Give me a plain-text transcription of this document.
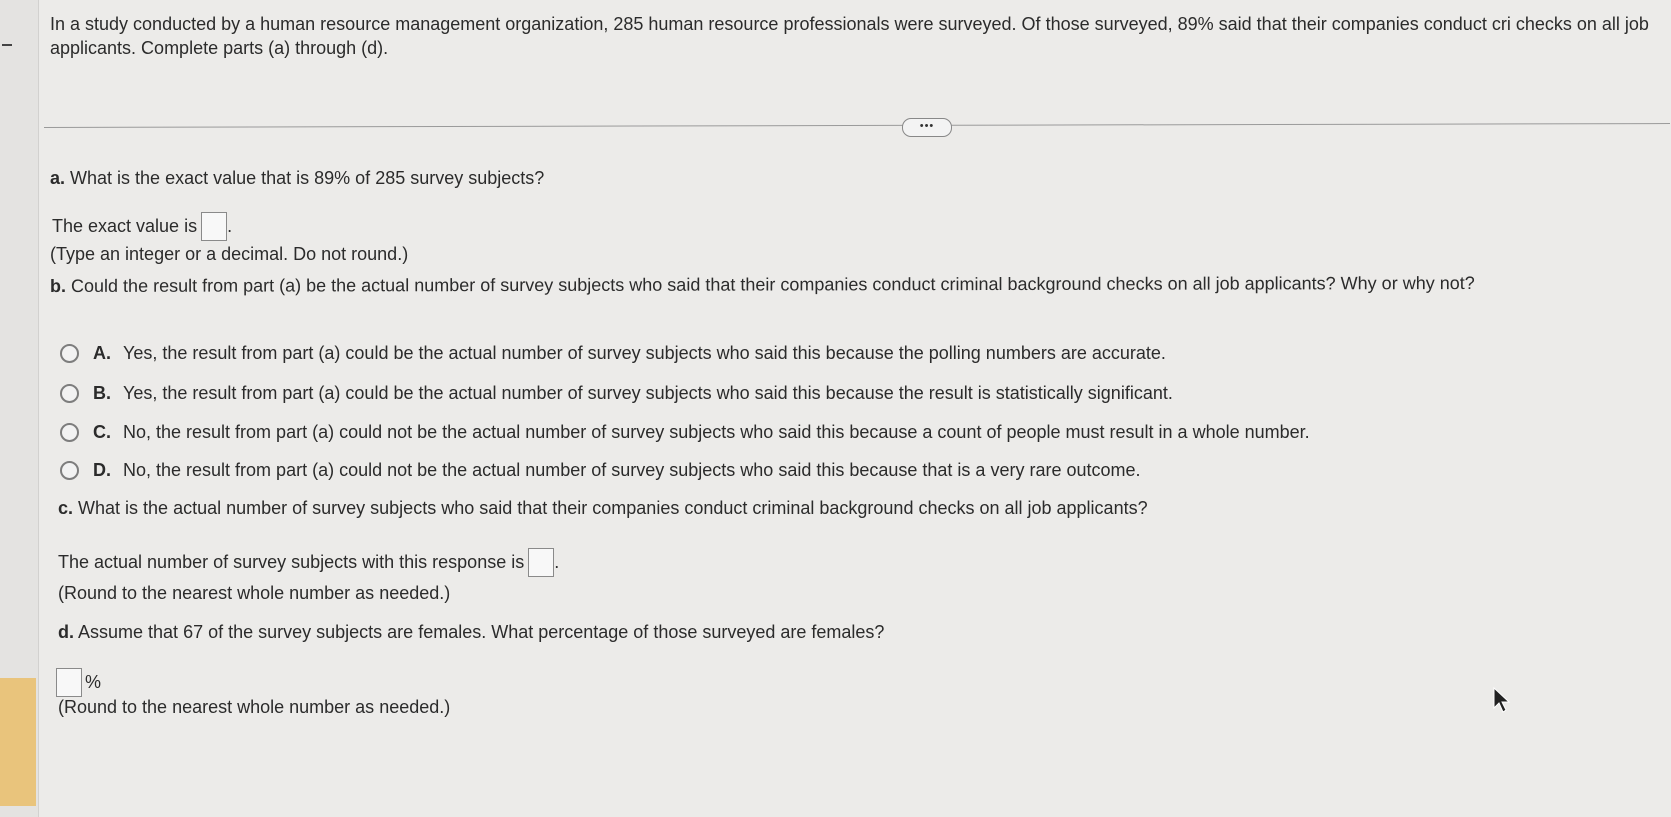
In a study conducted by a human resource management organization, 285 human resource professionals were surveyed. Of those surveyed, 89% said that their companies conduct cri checks on all job applicants. Complete parts (a) through (d).
•••
a. What is the exact value that is 89% of 285 survey subjects?
The exact value is .
(Type an integer or a decimal. Do not round.)
b. Could the result from part (a) be the actual number of survey subjects who said that their companies conduct criminal background checks on all job applicants? Why or why not?
A. Yes, the result from part (a) could be the actual number of survey subjects who said this because the polling numbers are accurate.
B. Yes, the result from part (a) could be the actual number of survey subjects who said this because the result is statistically significant.
C. No, the result from part (a) could not be the actual number of survey subjects who said this because a count of people must result in a whole number.
D. No, the result from part (a) could not be the actual number of survey subjects who said this because that is a very rare outcome.
c. What is the actual number of survey subjects who said that their companies conduct criminal background checks on all job applicants?
The actual number of survey subjects with this response is .
(Round to the nearest whole number as needed.)
d. Assume that 67 of the survey subjects are females. What percentage of those surveyed are females?
%
(Round to the nearest whole number as needed.)
